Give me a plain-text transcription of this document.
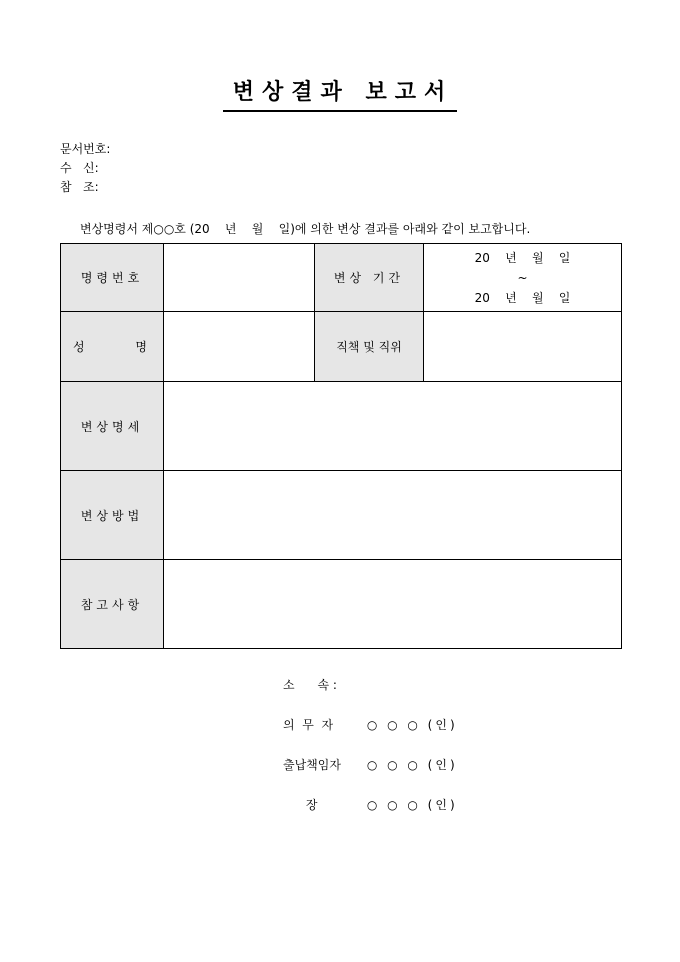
변상결과 보고서
문서번호:
수   신:
참   조:
변상명령서 제○○호 (20    년    월    일)에 의한 변상 결과를 아래와 같이 보고합니다.
명령번호		변상 기간	20    년    월    일
~
20    년    월    일

성      명		직책 및 직위	
변상명세			
변상방법			
참고사항			
소      속 :
의  무  자	○ ○ ○ (인)
출납책임자 ○ ○ ○ (인)
장	○ ○ ○ (인)
